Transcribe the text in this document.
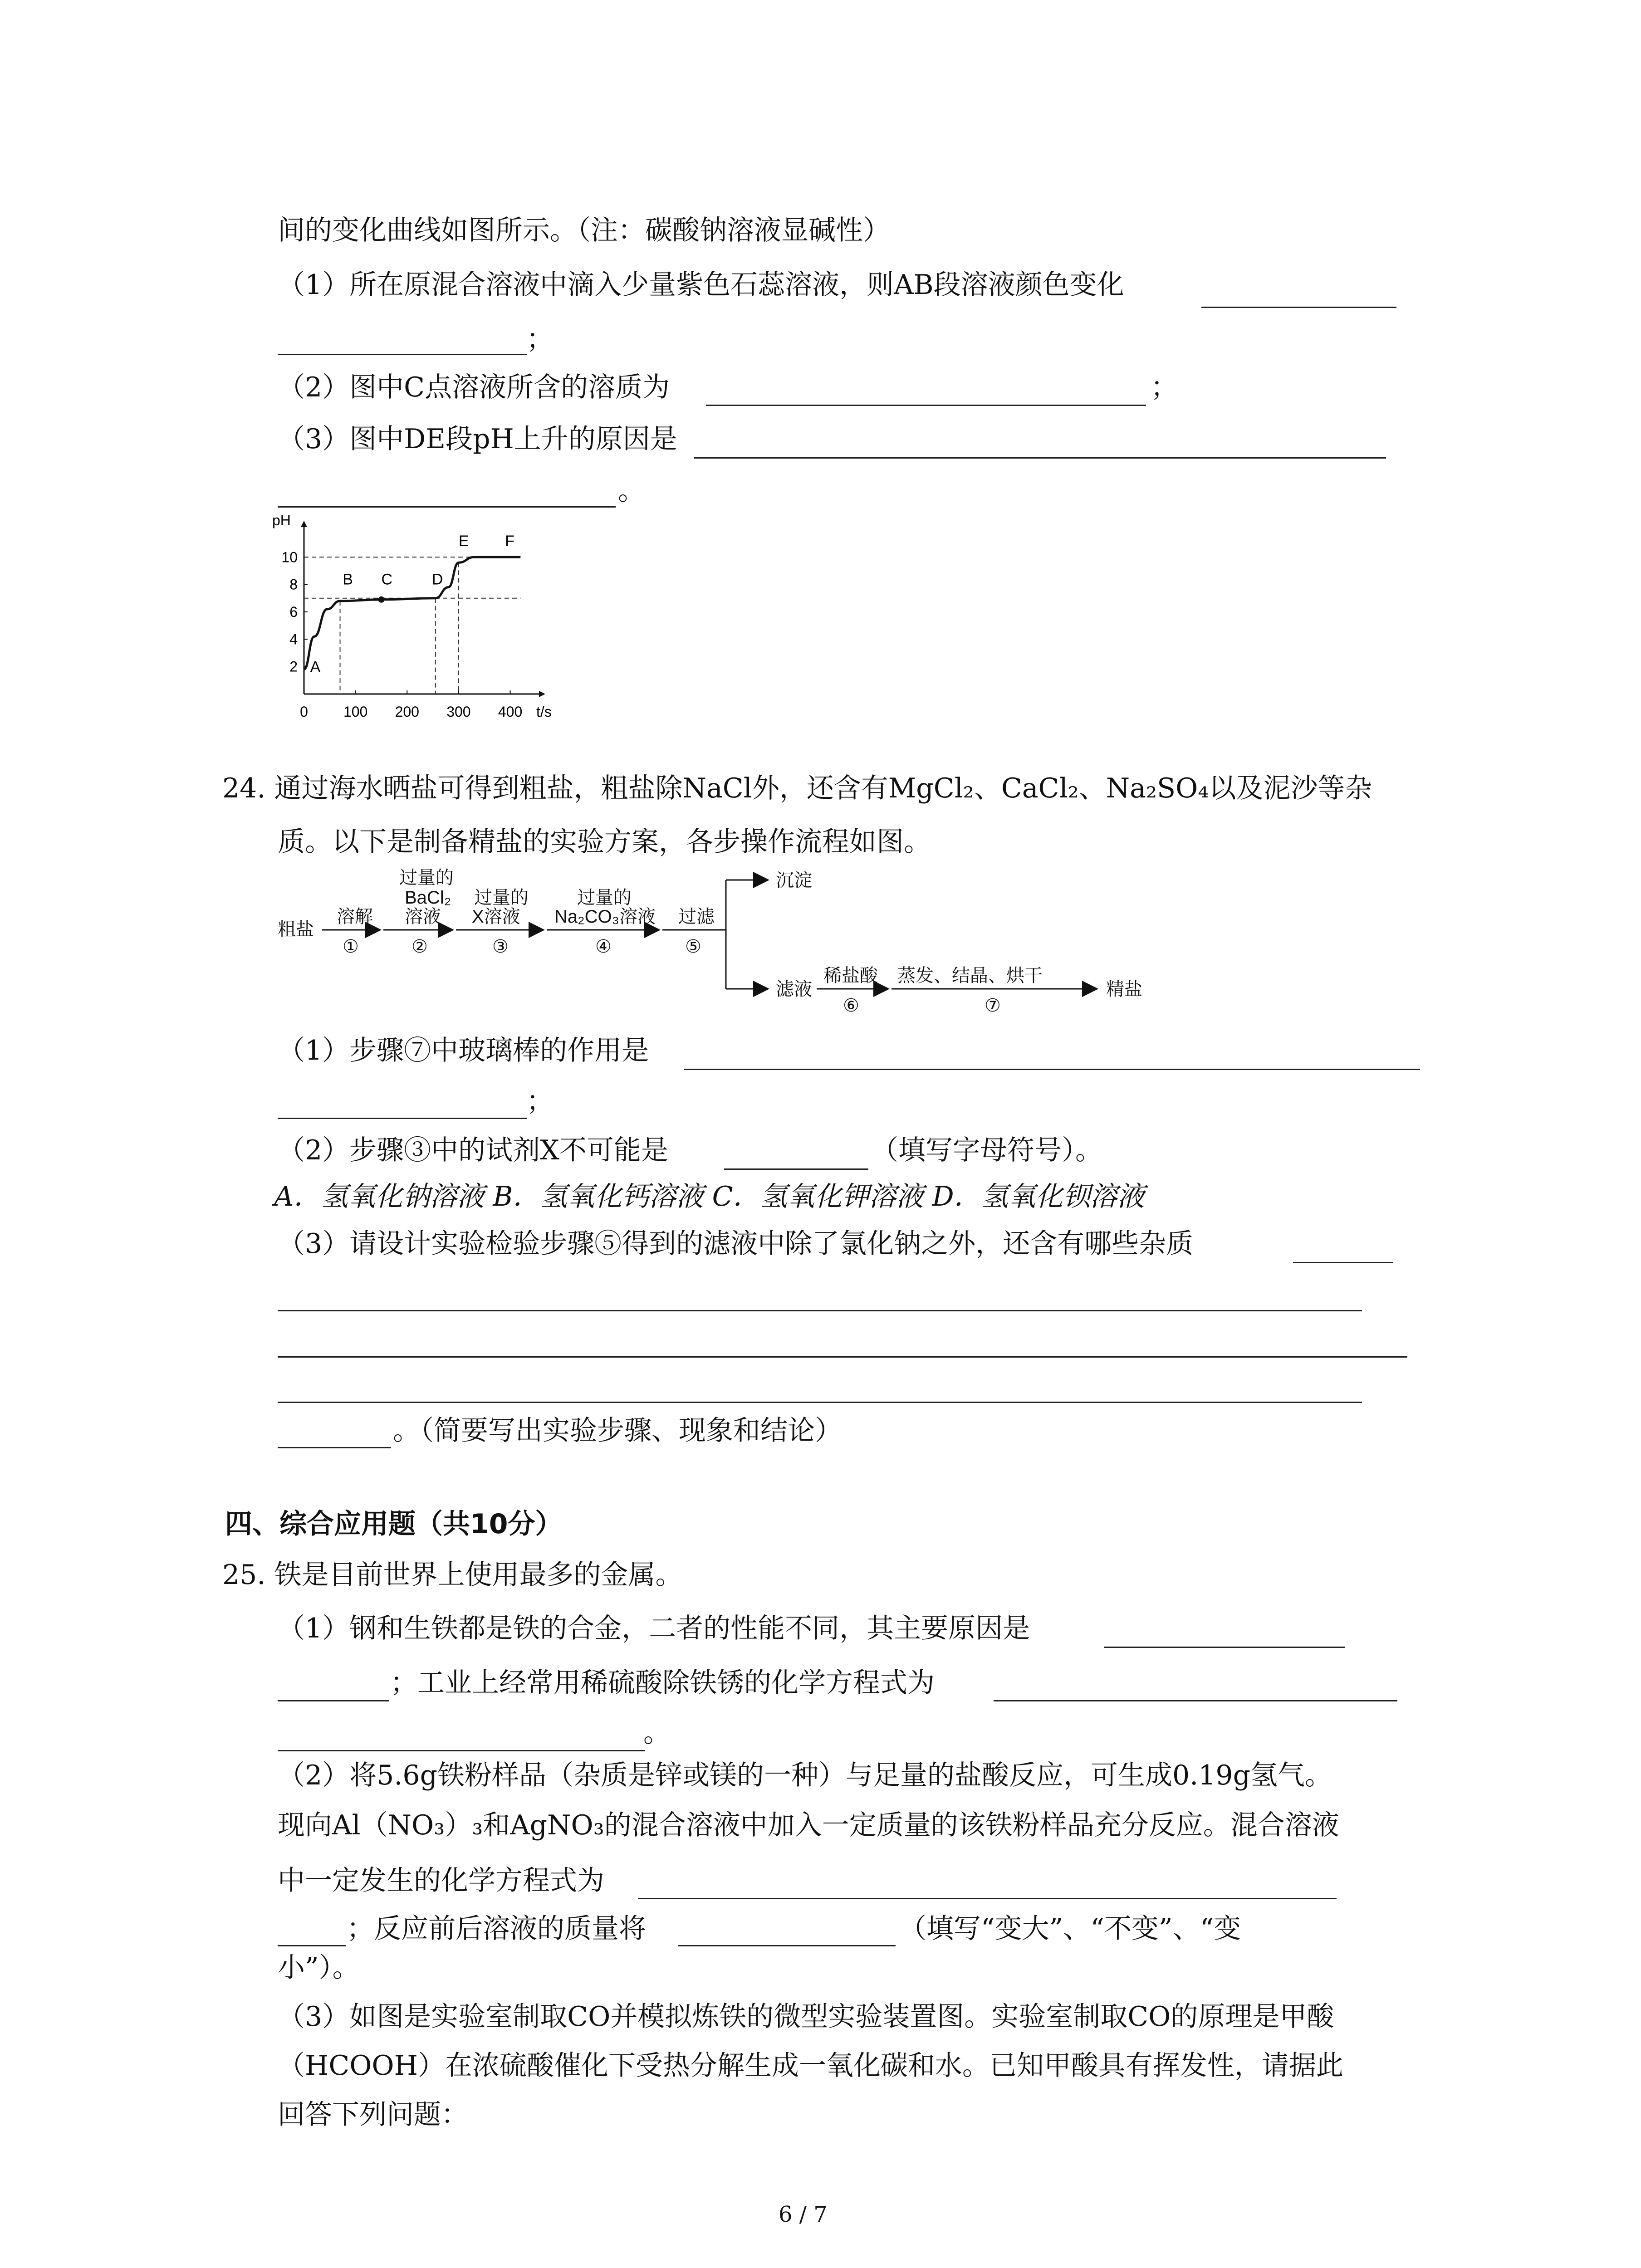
间的变化曲线如图所示。（注：碳酸钠溶液显碱性）
（1）所在原混合溶液中滴入少量紫色石蕊溶液，则AB段溶液颜色变化
；
（2）图中C点溶液所含的溶质为	；
（3）图中DE段pH上升的原因是
。
pH
t/s
0 100 200 300 400
2
4
6
8
10
A
B C	D
E F
24. 通过海水晒盐可得到粗盐，粗盐除NaCl外，还含有MgCl₂、CaCl₂、Na₂SO₄以及泥沙等杂
质。以下是制备精盐的实验方案，各步操作流程如图。
粗盐
溶解
①
过量的
BaCl₂
溶液
②
过量的
X溶液
③
过量的
Na₂CO₃溶液
④
过滤
⑤
沉淀
滤液
稀盐酸
⑥
蒸发、结晶、烘干
⑦
精盐
（1）步骤⑦中玻璃棒的作用是
；
（2）步骤③中的试剂X不可能是	（填写字母符号）。
A．氢氧化钠溶液 B．氢氧化钙溶液 C．氢氧化钾溶液 D．氢氧化钡溶液
（3）请设计实验检验步骤⑤得到的滤液中除了氯化钠之外，还含有哪些杂质
。（简要写出实验步骤、现象和结论）
四、综合应用题（共10分）
25. 铁是目前世界上使用最多的金属。
（1）钢和生铁都是铁的合金，二者的性能不同，其主要原因是
；工业上经常用稀硫酸除铁锈的化学方程式为
。
（2）将5.6g铁粉样品（杂质是锌或镁的一种）与足量的盐酸反应，可生成0.19g氢气。
现向Al（NO₃）₃和AgNO₃的混合溶液中加入一定质量的该铁粉样品充分反应。混合溶液
中一定发生的化学方程式为
；反应前后溶液的质量将	（填写“变大”、“不变”、“变
小”）。
（3）如图是实验室制取CO并模拟炼铁的微型实验装置图。实验室制取CO的原理是甲酸
（HCOOH）在浓硫酸催化下受热分解生成一氧化碳和水。已知甲酸具有挥发性，请据此
回答下列问题：
6 / 7
